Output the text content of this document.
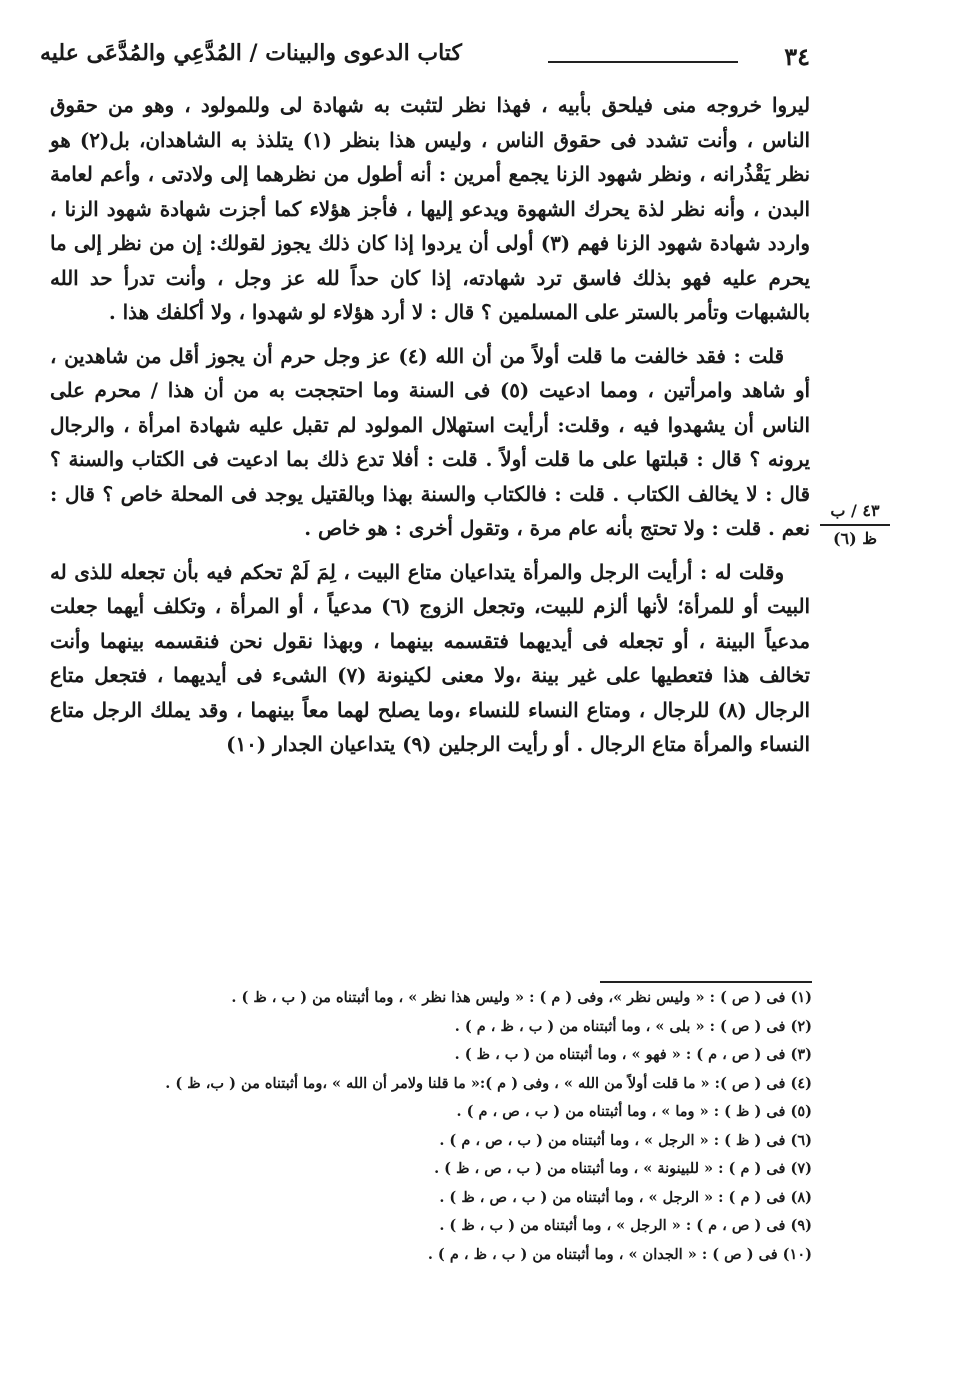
٣٤
كتاب الدعوى والبينات / المُدَّعِي والمُدَّعَى عليه

ليروا خروجه منى فيلحق بأبيه ، فهذا نظر لتثبت به شهادة لى وللمولود ، وهو من حقوق الناس ، وأنت تشدد فى حقوق الناس ، وليس هذا بنظر (١) يتلذذ به الشاهدان، بل(٢) هو نظر يَقْذُرانه ، ونظر شهود الزنا يجمع أمرين : أنه أطول من نظرهما إلى ولادتى ، وأعم لعامة البدن ، وأنه نظر لذة يحرك الشهوة ويدعو إليها ، فأجز هؤلاء كما أجزت شهادة شهود الزنا ، واردد شهادة شهود الزنا فهم (٣) أولى أن يردوا إذا كان ذلك يجوز لقولك: إن من نظر إلى ما يحرم عليه فهو بذلك فاسق ترد شهادته، إذا كان حداً لله عز وجل ، وأنت تدرأ حد الله بالشبهات وتأمر بالستر على المسلمين ؟ قال : لا أرد هؤلاء لو شهدوا ، ولا أكلفك هذا .

قلت : فقد خالفت ما قلت أولاً من أن الله (٤) عز وجل حرم أن يجوز أقل من شاهدين ، أو شاهد وامرأتين ، ومما ادعيت (٥) فى السنة وما احتججت به من أن هذا / محرم على الناس أن يشهدوا فيه ، وقلت: أرأيت استهلال المولود لم تقبل عليه شهادة امرأة ، والرجال يرونه ؟ قال : قبلتها على ما قلت أولاً . قلت : أفلا تدع ذلك بما ادعيت فى الكتاب والسنة ؟ قال : لا يخالف الكتاب . قلت : فالكتاب والسنة بهذا وبالقتيل يوجد فى المحلة خاص ؟ قال : نعم . قلت : ولا تحتج بأنه عام مرة ، وتقول أخرى : هو خاص .

وقلت له : أرأيت الرجل والمرأة يتداعيان متاع البيت ، لِمَ لَمْ تحكم فيه بأن تجعله للذى له البيت أو للمرأة؛ لأنها ألزم للبيت، وتجعل الزوج (٦) مدعياً ، أو المرأة ، وتكلف أيهما جعلت مدعياً البينة ، أو تجعله فى أيديهما فتقسمه بينهما ، وبهذا نقول نحن فنقسمه بينهما وأنت تخالف هذا فتعطيها على غير بينة ،ولا معنى لكينونة (٧) الشىء فى أيديهما ، فتجعل متاع الرجال (٨) للرجال ، ومتاع النساء للنساء ،وما يصلح لهما معاً بينهما ، وقد يملك الرجل متاع النساء والمرأة متاع الرجال . أو رأيت الرجلين (٩) يتداعيان الجدار (١٠)

٤٣ / ب
ظ (٦)
(١) فى ( ص ) : « وليس نظر »، وفى ( م ) : « وليس هذا نظر » ، وما أثبتناه من ( ب ، ظ ) .
(٢) فى ( ص ) : « بلى » ، وما أثبتناه من ( ب ، ظ ، م ) .
(٣) فى ( ص ، م ) : « فهو » ، وما أثبتناه من ( ب ، ظ ) .
(٤) فى ( ص ): « ما قلت أولاً من الله » ، وفى ( م ):« ما قلنا ولامر أن الله » ،وما أثبتناه من ( ب، ظ ) .
(٥) فى ( ظ ) : « وما » ، وما أثبتناه من ( ب ، ص ، م ) .
(٦) فى ( ظ ) : « الرجل » ، وما أثبتناه من ( ب ، ص ، م ) .
(٧) فى ( م ) : « للبينونة » ، وما أثبتناه من ( ب ، ص ، ظ ) .
(٨) فى ( م ) : « الرجل » ، وما أثبتناه من ( ب ، ص ، ظ ) .
(٩) فى ( ص ، م ) : « الرجل » ، وما أثبتناه من ( ب ، ظ ) .
(١٠) فى ( ص ) : « الجدان » ، وما أثبتناه من ( ب ، ظ ، م ) .
